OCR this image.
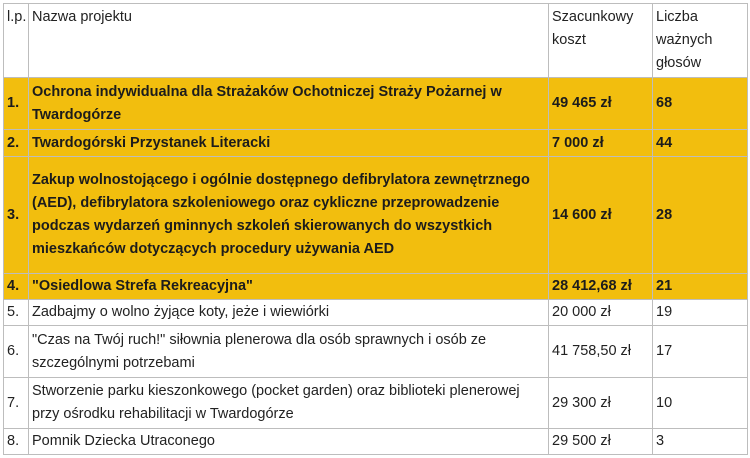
l.p.	Nazwa projektu	Szacunkowy koszt	Liczba ważnych głosów
1.	Ochrona indywidualna dla Strażaków Ochotniczej Straży Pożarnej w Twardogórze	49 465 zł	68
2.	Twardogórski Przystanek Literacki	7 000 zł	44
3.	Zakup wolnostojącego i ogólnie dostępnego defibrylatora zewnętrznego (AED), defibrylatora szkoleniowego oraz cykliczne przeprowadzenie podczas wydarzeń gminnych szkoleń skierowanych do wszystkich mieszkańców dotyczących procedury używania AED	14 600 zł	28
4.	"Osiedlowa Strefa Rekreacyjna"	28 412,68 zł	21
5.	Zadbajmy o wolno żyjące koty, jeże i wiewiórki	20 000 zł	19
6.	"Czas na Twój ruch!" siłownia plenerowa dla osób sprawnych i osób ze szczególnymi potrzebami	41 758,50 zł	17
7.	Stworzenie parku kieszonkowego (pocket garden) oraz biblioteki plenerowej przy ośrodku rehabilitacji w Twardogórze	29 300 zł	10
8.	Pomnik Dziecka Utraconego	29 500 zł	3
